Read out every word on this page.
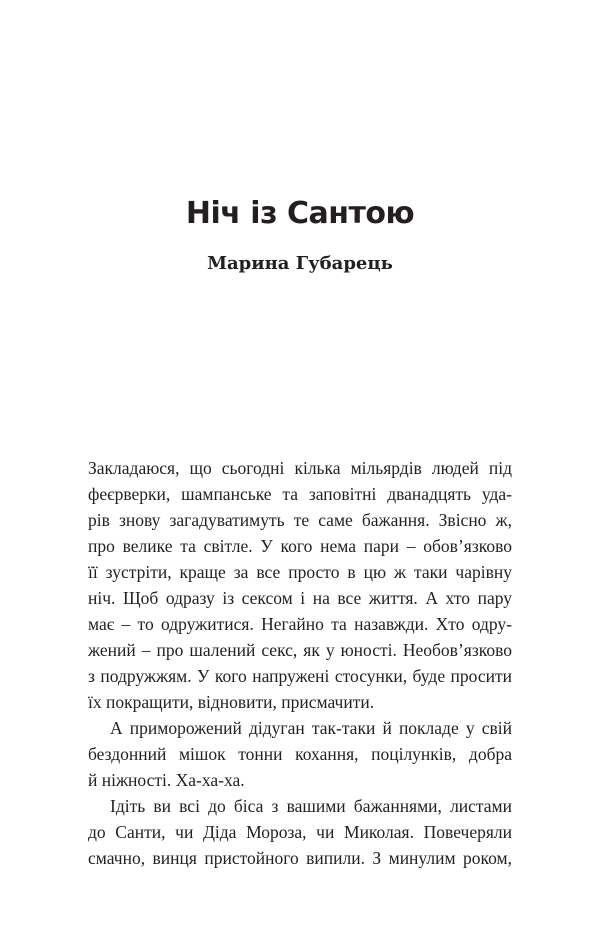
Ніч із Сантою
Марина Губарець
Закладаюся, що сьогодні кілька мільярдів людей під
феєрверки, шампанське та заповітні дванадцять уда-
рів знову загадуватимуть те саме бажання. Звісно ж,
про велике та світле. У кого нема пари – обов’язково
її зустріти, краще за все просто в цю ж таки чарівну
ніч. Щоб одразу із сексом і на все життя. А хто пару
має – то одружитися. Негайно та назавжди. Хто одру-
жений – про шалений секс, як у юності. Необов’язково
з подружжям. У кого напружені стосунки, буде просити
їх покращити, відновити, присмачити.
А приморожений дідуган так-таки й покладе у свій
бездонний мішок тонни кохання, поцілунків, добра
й ніжності. Ха-ха-ха.
Ідіть ви всі до біса з вашими бажаннями, листами
до Санти, чи Діда Мороза, чи Миколая. Повечеряли
смачно, винця пристойного випили. З минулим роком,
